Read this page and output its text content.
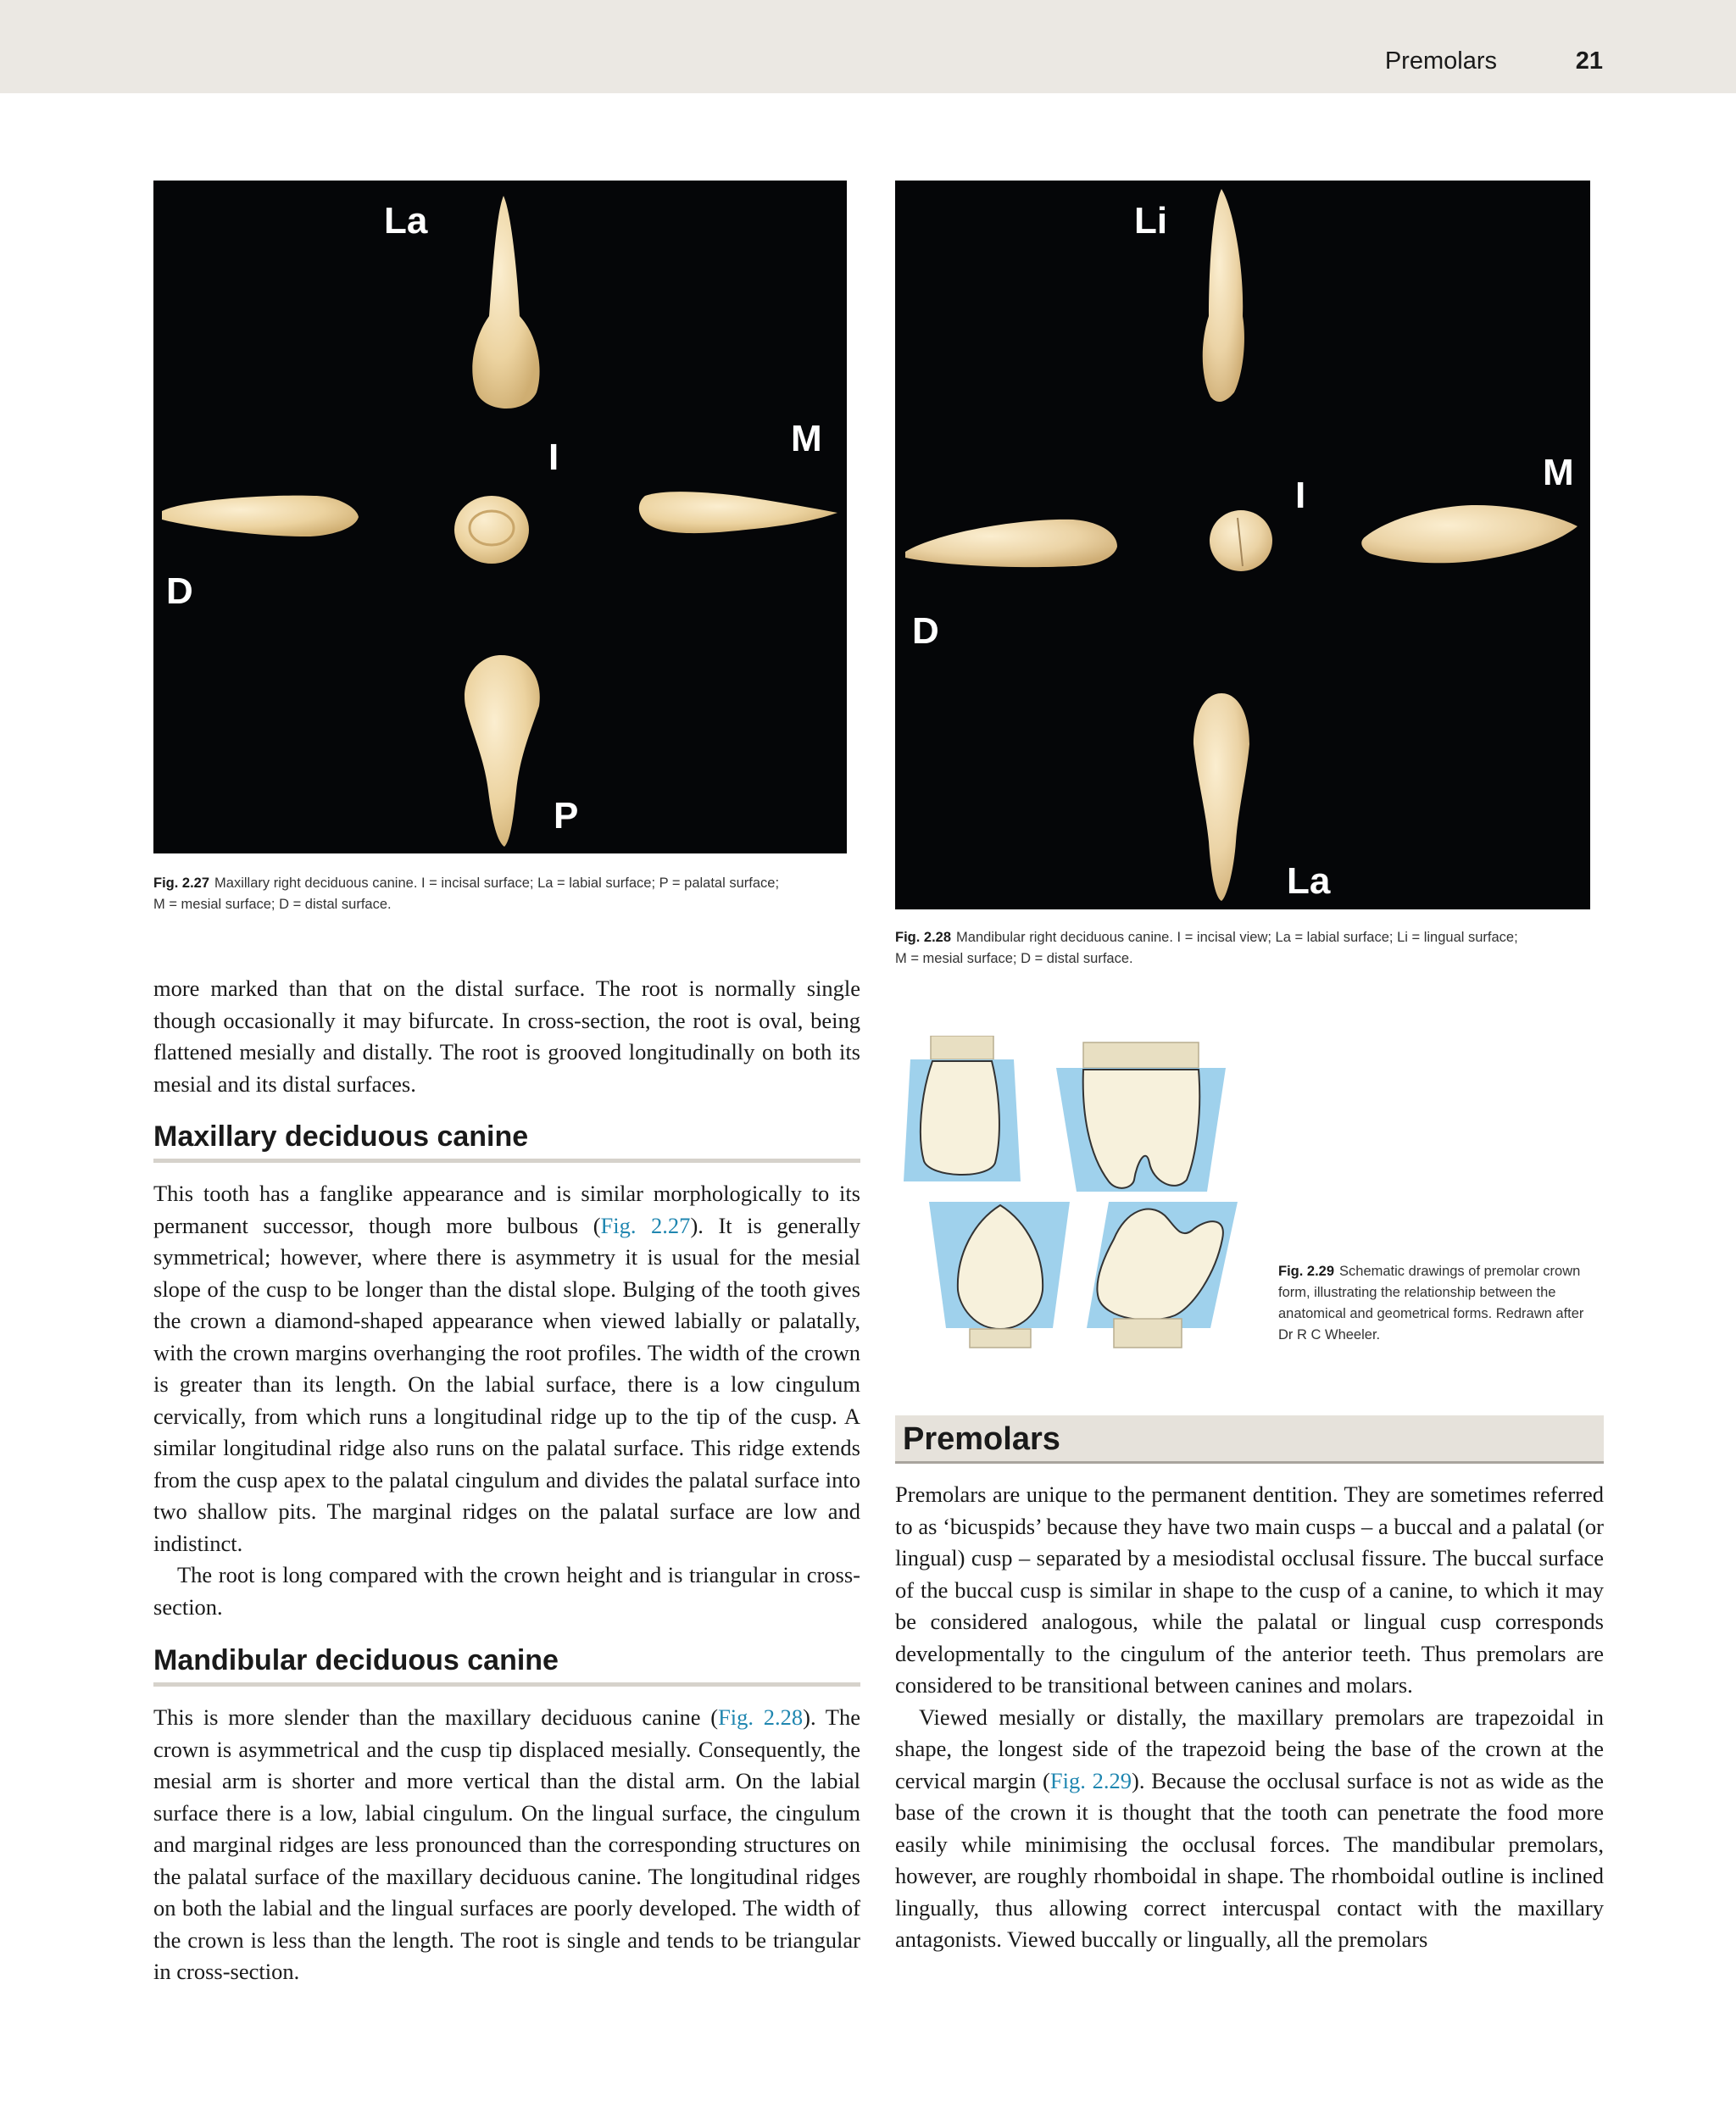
Premolars	21
La
M
I
D
P
Fig. 2.27 Maxillary right deciduous canine. I = incisal surface; La = labial surface; P = palatal surface;
M = mesial surface; D = distal surface.
Li
M
I
D
La
Fig. 2.28 Mandibular right deciduous canine. I = incisal view; La = labial surface; Li = lingual surface;
M = mesial surface; D = distal surface.

more marked than that on the distal surface. The root is normally single though occasionally it may bifurcate. In cross-section, the root is oval, being flattened mesially and distally. The root is grooved longitudinally on both its mesial and its distal surfaces.

Maxillary deciduous canine

This tooth has a fanglike appearance and is similar morphologically to its permanent successor, though more bulbous (Fig. 2.27). It is generally symmetrical; however, where there is asymmetry it is usual for the mesial slope of the cusp to be longer than the distal slope. Bulging of the tooth gives the crown a diamond-shaped appearance when viewed labially or palatally, with the crown margins overhanging the root profiles. The width of the crown is greater than its length. On the labial surface, there is a low cingulum cervically, from which runs a longitudinal ridge up to the tip of the cusp. A similar longitudinal ridge also runs on the palatal surface. This ridge extends from the cusp apex to the palatal cingulum and divides the palatal surface into two shallow pits. The marginal ridges on the palatal surface are low and indistinct.

The root is long compared with the crown height and is triangular in cross-section.

Mandibular deciduous canine

This is more slender than the maxillary deciduous canine (Fig. 2.28). The crown is asymmetrical and the cusp tip displaced mesially. Consequently, the mesial arm is shorter and more vertical than the distal arm. On the labial surface there is a low, labial cingulum. On the lingual surface, the cingulum and marginal ridges are less pronounced than the corresponding structures on the palatal surface of the maxillary deciduous canine. The longitudinal ridges on both the labial and the lingual surfaces are poorly developed. The width of the crown is less than the length. The root is single and tends to be triangular in cross-section.

Fig. 2.29 Schematic drawings of premolar crown form, illustrating the relationship between the anatomical and geometrical forms. Redrawn after Dr R C Wheeler.
Premolars

Premolars are unique to the permanent dentition. They are sometimes referred to as ‘bicuspids’ because they have two main cusps – a buccal and a palatal (or lingual) cusp – separated by a mesiodistal occlusal fissure. The buccal surface of the buccal cusp is similar in shape to the cusp of a canine, to which it may be considered analogous, while the palatal or lingual cusp corresponds developmentally to the cingulum of the anterior teeth. Thus premolars are considered to be transitional between canines and molars.

Viewed mesially or distally, the maxillary premolars are trapezoidal in shape, the longest side of the trapezoid being the base of the crown at the cervical margin (Fig. 2.29). Because the occlusal surface is not as wide as the base of the crown it is thought that the tooth can penetrate the food more easily while minimising the occlusal forces. The mandibular premolars, however, are roughly rhomboidal in shape. The rhomboidal outline is inclined lingually, thus allowing correct intercuspal contact with the maxillary antagonists. Viewed buccally or lingually, all the premolars
